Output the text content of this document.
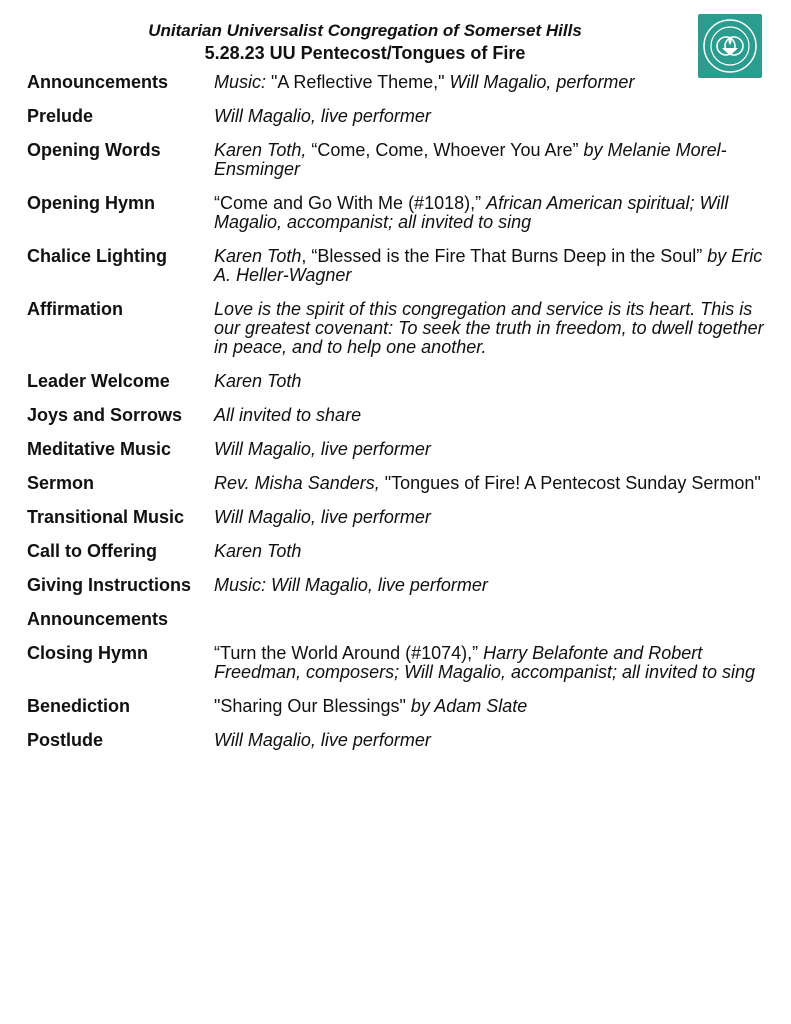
Unitarian Universalist Congregation of Somerset Hills
5.28.23 UU Pentecost/Tongues of Fire
Announcements	Music: "A Reflective Theme," Will Magalio, performer
Prelude	Will Magalio, live performer
Opening Words	Karen Toth, “Come, Come, Whoever You Are” by Melanie Morel-Ensminger
Opening Hymn	“Come and Go With Me (#1018),” African American spiritual; Will Magalio, accompanist; all invited to sing
Chalice Lighting	Karen Toth, “Blessed is the Fire That Burns Deep in the Soul” by Eric A. Heller-Wagner
Affirmation	Love is the spirit of this congregation and service is its heart. This is our greatest covenant: To seek the truth in freedom, to dwell together in peace, and to help one another.
Leader Welcome	Karen Toth
Joys and Sorrows	All invited to share
Meditative Music	Will Magalio, live performer
Sermon	Rev. Misha Sanders, "Tongues of Fire! A Pentecost Sunday Sermon"
Transitional Music	Will Magalio, live performer
Call to Offering	Karen Toth
Giving Instructions	Music: Will Magalio, live performer
Announcements
Closing Hymn	“Turn the World Around (#1074),” Harry Belafonte and Robert Freedman, composers; Will Magalio, accompanist; all invited to sing
Benediction	"Sharing Our Blessings" by Adam Slate
Postlude	Will Magalio, live performer
